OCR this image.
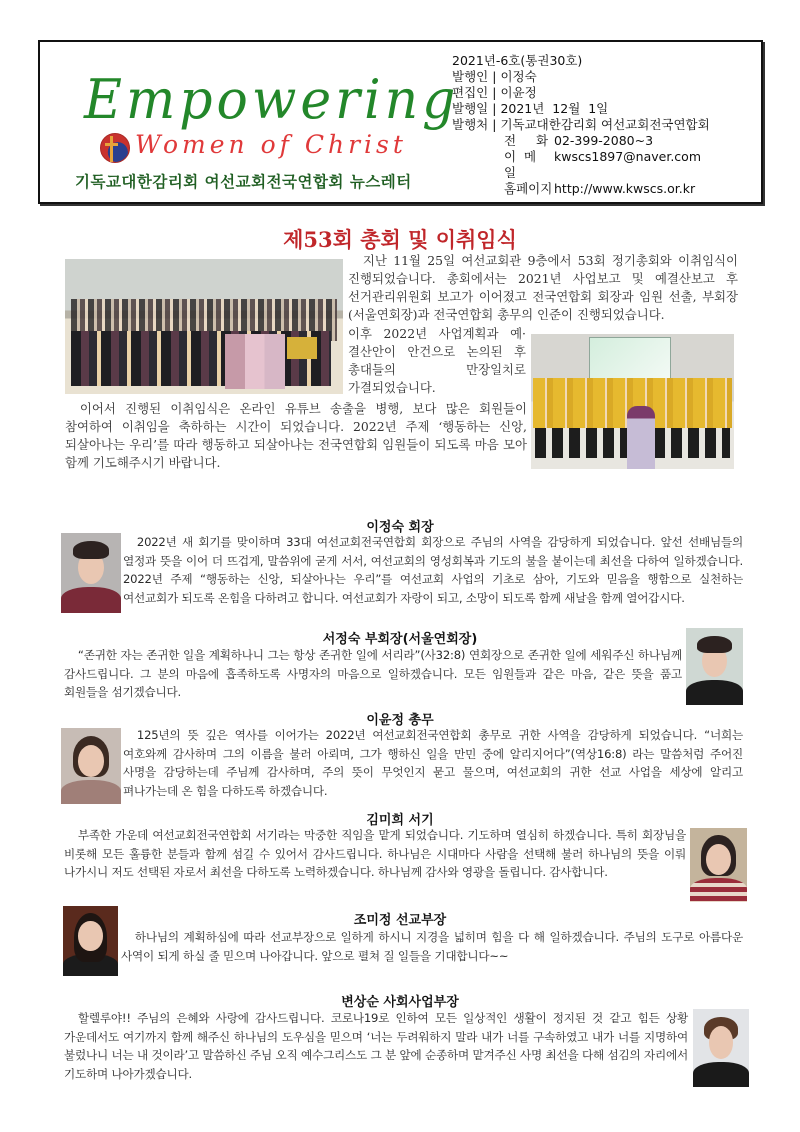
Empowering
Women of Christ
기독교대한감리회 여선교회전국연합회 뉴스레터
2021년-6호(통권30호)
발행인 | 이정숙
편집인 | 이윤정
발행일 | 2021년  12월  1일
발행처 | 기독교대한감리회 여선교회전국연합회
전   화 02-399-2080~3
이 메 일
kwscs1897@naver.com
홈페이지 http://www.kwscs.or.kr
제53회 총회 및 이취임식
지난 11월 25일 여선교회관 9층에서 53회 정기총회와 이취임식이 진행되었습니다. 총회에서는 2021년 사업보고 및 예결산보고 후 선거관리위원회 보고가 이어졌고 전국연합회 회장과 임원 선출, 부회장(서울연회장)과 전국연합회 총무의 인준이 진행되었습니다.
이후 2022년 사업계획과 예·결산안이 안건으로 논의된 후 총대들의 만장일치로 가결되었습니다.
이어서 진행된 이취임식은 온라인 유튜브 송출을 병행, 보다 많은 회원들이 참여하여 이취임을 축하하는 시간이 되었습니다. 2022년 주제 ‘행동하는 신앙, 되살아나는 우리’를 따라 행동하고 되살아나는 전국연합회 임원들이 되도록 마음 모아 함께 기도해주시기 바랍니다.
이정숙 회장
2022년 새 회기를 맞이하며 33대 여선교회전국연합회 회장으로 주님의 사역을 감당하게 되었습니다. 앞선 선배님들의 열정과 뜻을 이어 더 뜨겁게, 말씀위에 굳게 서서, 여선교회의 영성회복과 기도의 불을 붙이는데 최선을 다하여 일하겠습니다. 2022년 주제 “행동하는 신앙, 되살아나는 우리”를 여선교회 사업의 기초로 삼아, 기도와 믿음을 행함으로 실천하는 여선교회가 되도록 온힘을 다하려고 합니다. 여선교회가 자랑이 되고, 소망이 되도록 함께 새날을 함께 열어갑시다.
서정숙 부회장(서울연회장)
“존귀한 자는 존귀한 일을 계획하나니 그는 항상 존귀한 일에 서리라”(사32:8) 연회장으로 존귀한 일에 세워주신 하나님께 감사드립니다. 그 분의 마음에 흡족하도록 사명자의 마음으로 일하겠습니다. 모든 임원들과 같은 마음, 같은 뜻을 품고 회원들을 섬기겠습니다.
이윤정 총무
125년의 뜻 깊은 역사를 이어가는 2022년 여선교회전국연합회 총무로 귀한 사역을 감당하게 되었습니다. “너희는 여호와께 감사하며 그의 이름을 불러 아뢰며, 그가 행하신 일을 만민 중에 알리지어다”(역상16:8) 라는 말씀처럼 주어진 사명을 감당하는데 주님께 감사하며, 주의 뜻이 무엇인지 묻고 물으며, 여선교회의 귀한 선교 사업을 세상에 알리고 펴나가는데 온 힘을 다하도록 하겠습니다.
김미희 서기
부족한 가운데 여선교회전국연합회 서기라는 막중한 직임을 맡게 되었습니다. 기도하며 열심히 하겠습니다. 특히 회장님을 비롯해 모든 훌륭한 분들과 함께 섬길 수 있어서 감사드립니다. 하나님은 시대마다 사람을 선택해 불러 하나님의 뜻을 이뤄 나가시니 저도 선택된 자로서 최선을 다하도록 노력하겠습니다. 하나님께 감사와 영광을 돌립니다. 감사합니다.
조미정 선교부장
하나님의 계획하심에 따라 선교부장으로 일하게 하시니 지경을 넓히며 힘을 다 해 일하겠습니다. 주님의 도구로 아름다운 사역이 되게 하실 줄 믿으며 나아갑니다. 앞으로 펼쳐 질 일들을 기대합니다~~
변상순 사회사업부장
할렐루야!! 주님의 은혜와 사랑에 감사드립니다. 코로나19로 인하여 모든 일상적인 생활이 정지된 것 같고 힘든 상황 가운데서도 여기까지 함께 해주신 하나님의 도우심을 믿으며 ‘너는 두려워하지 말라 내가 너를 구속하였고 내가 너를 지명하여 불렀나니 너는 내 것이라’고 말씀하신 주님 오직 예수그리스도 그 분 앞에 순종하며 맡겨주신 사명 최선을 다해 섬김의 자리에서 기도하며 나아가겠습니다.
